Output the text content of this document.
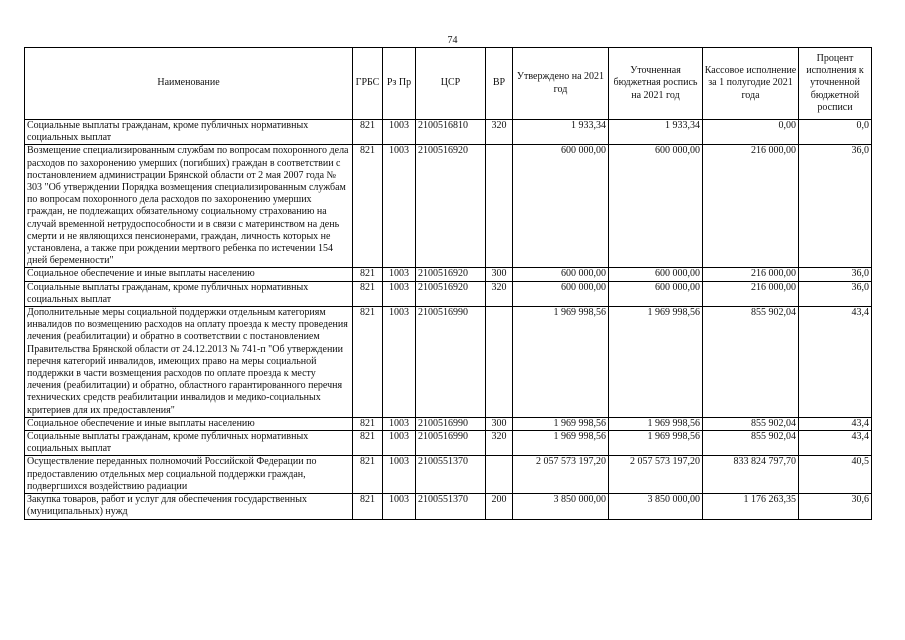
74
Наименование	ГРБС	Рз Пр	ЦСР	ВР	Утверждено на 2021 год	Уточненная бюджетная роспись на 2021 год	Кассовое исполнение за 1 полугодие 2021 года	Процент исполнения к уточненной бюджетной росписи
Социальные выплаты гражданам, кроме публичных нормативных социальных выплат	821	1003	2100516810	320	1 933,34	1 933,34	0,00	0,0
Возмещение специализированным службам по вопросам похоронного дела расходов по захоронению умерших (погибших) граждан в соответствии с постановлением администрации Брянской области от 2 мая 2007 года № 303 "Об утверждении Порядка возмещения специализированным службам по вопросам похоронного дела расходов по захоронению умерших граждан, не подлежащих обязательному социальному страхованию на случай временной нетрудоспособности и в связи с материнством на день смерти и не являющихся пенсионерами, граждан, личность которых не установлена, а также при рождении мертвого ребенка по истечении 154 дней беременности"	821	1003	2100516920		600 000,00	600 000,00	216 000,00	36,0
Социальное обеспечение и иные выплаты населению	821	1003	2100516920	300	600 000,00	600 000,00	216 000,00	36,0
Социальные выплаты гражданам, кроме публичных нормативных социальных выплат	821	1003	2100516920	320	600 000,00	600 000,00	216 000,00	36,0
Дополнительные меры социальной поддержки отдельным категориям инвалидов по возмещению расходов на оплату проезда к месту проведения лечения (реабилитации) и обратно в соответствии с постановлением Правительства Брянской области от 24.12.2013 № 741-п "Об утверждении перечня категорий инвалидов, имеющих право на меры социальной поддержки в части возмещения расходов по оплате проезда к месту лечения (реабилитации) и обратно, областного гарантированного перечня технических средств реабилитации инвалидов и медико-социальных критериев для их предоставления"	821	1003	2100516990		1 969 998,56	1 969 998,56	855 902,04	43,4
Социальное обеспечение и иные выплаты населению	821	1003	2100516990	300	1 969 998,56	1 969 998,56	855 902,04	43,4
Социальные выплаты гражданам, кроме публичных нормативных социальных выплат	821	1003	2100516990	320	1 969 998,56	1 969 998,56	855 902,04	43,4
Осуществление переданных полномочий Российской Федерации по предоставлению отдельных мер социальной поддержки граждан, подвергшихся воздействию радиации	821	1003	2100551370		2 057 573 197,20	2 057 573 197,20	833 824 797,70	40,5
Закупка товаров, работ и услуг для обеспечения государственных (муниципальных) нужд	821	1003	2100551370	200	3 850 000,00	3 850 000,00	1 176 263,35	30,6
